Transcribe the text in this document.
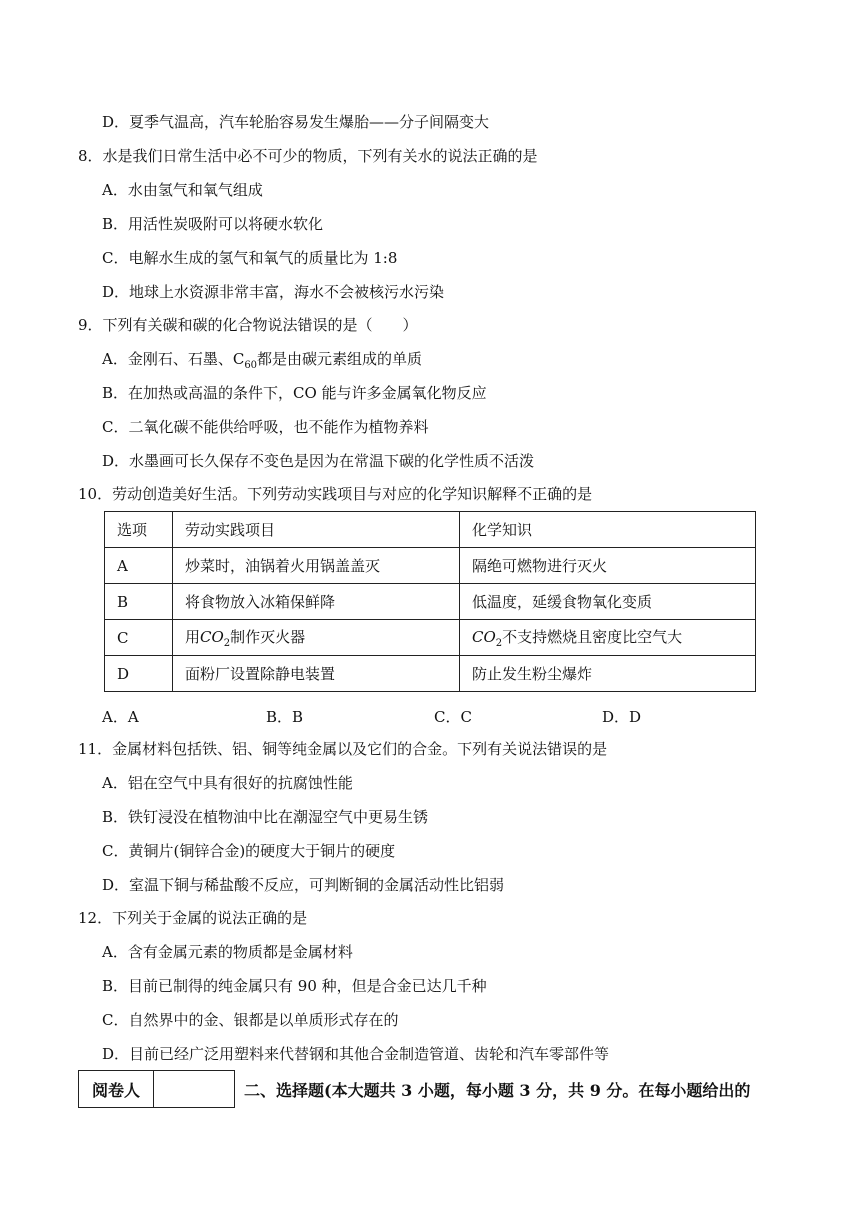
D．夏季气温高，汽车轮胎容易发生爆胎——分子间隔变大
8．水是我们日常生活中必不可少的物质，下列有关水的说法正确的是
A．水由氢气和氧气组成
B．用活性炭吸附可以将硬水软化
C．电解水生成的氢气和氧气的质量比为 1:8
D．地球上水资源非常丰富，海水不会被核污水污染
9．下列有关碳和碳的化合物说法错误的是（　　）
A．金刚石、石墨、$C_{60}$都是由碳元素组成的单质
B．在加热或高温的条件下，CO 能与许多金属氧化物反应
C．二氧化碳不能供给呼吸，也不能作为植物养料
D．水墨画可长久保存不变色是因为在常温下碳的化学性质不活泼
10．劳动创造美好生活。下列劳动实践项目与对应的化学知识解释不正确的是
选项	劳动实践项目	化学知识
A	炒菜时，油锅着火用锅盖盖灭	隔绝可燃物进行灭火
B	将食物放入冰箱保鲜降	低温度，延缓食物氧化变质
C	用$CO_2$制作灭火器	$CO_2$不支持燃烧且密度比空气大
D	面粉厂设置除静电装置	防止发生粉尘爆炸
A．A	B．B	C．C	D．D
11．金属材料包括铁、铝、铜等纯金属以及它们的合金。下列有关说法错误的是
A．铝在空气中具有很好的抗腐蚀性能
B．铁钉浸没在植物油中比在潮湿空气中更易生锈
C．黄铜片(铜锌合金)的硬度大于铜片的硬度
D．室温下铜与稀盐酸不反应，可判断铜的金属活动性比铝弱
12．下列关于金属的说法正确的是
A．含有金属元素的物质都是金属材料
B．目前已制得的纯金属只有 90 种，但是合金已达几千种
C．自然界中的金、银都是以单质形式存在的
D．目前已经广泛用塑料来代替钢和其他合金制造管道、齿轮和汽车零部件等
阅卷人		二、选择题(本大题共 3 小题，每小题 3 分，共 9 分。在每小题给出的
